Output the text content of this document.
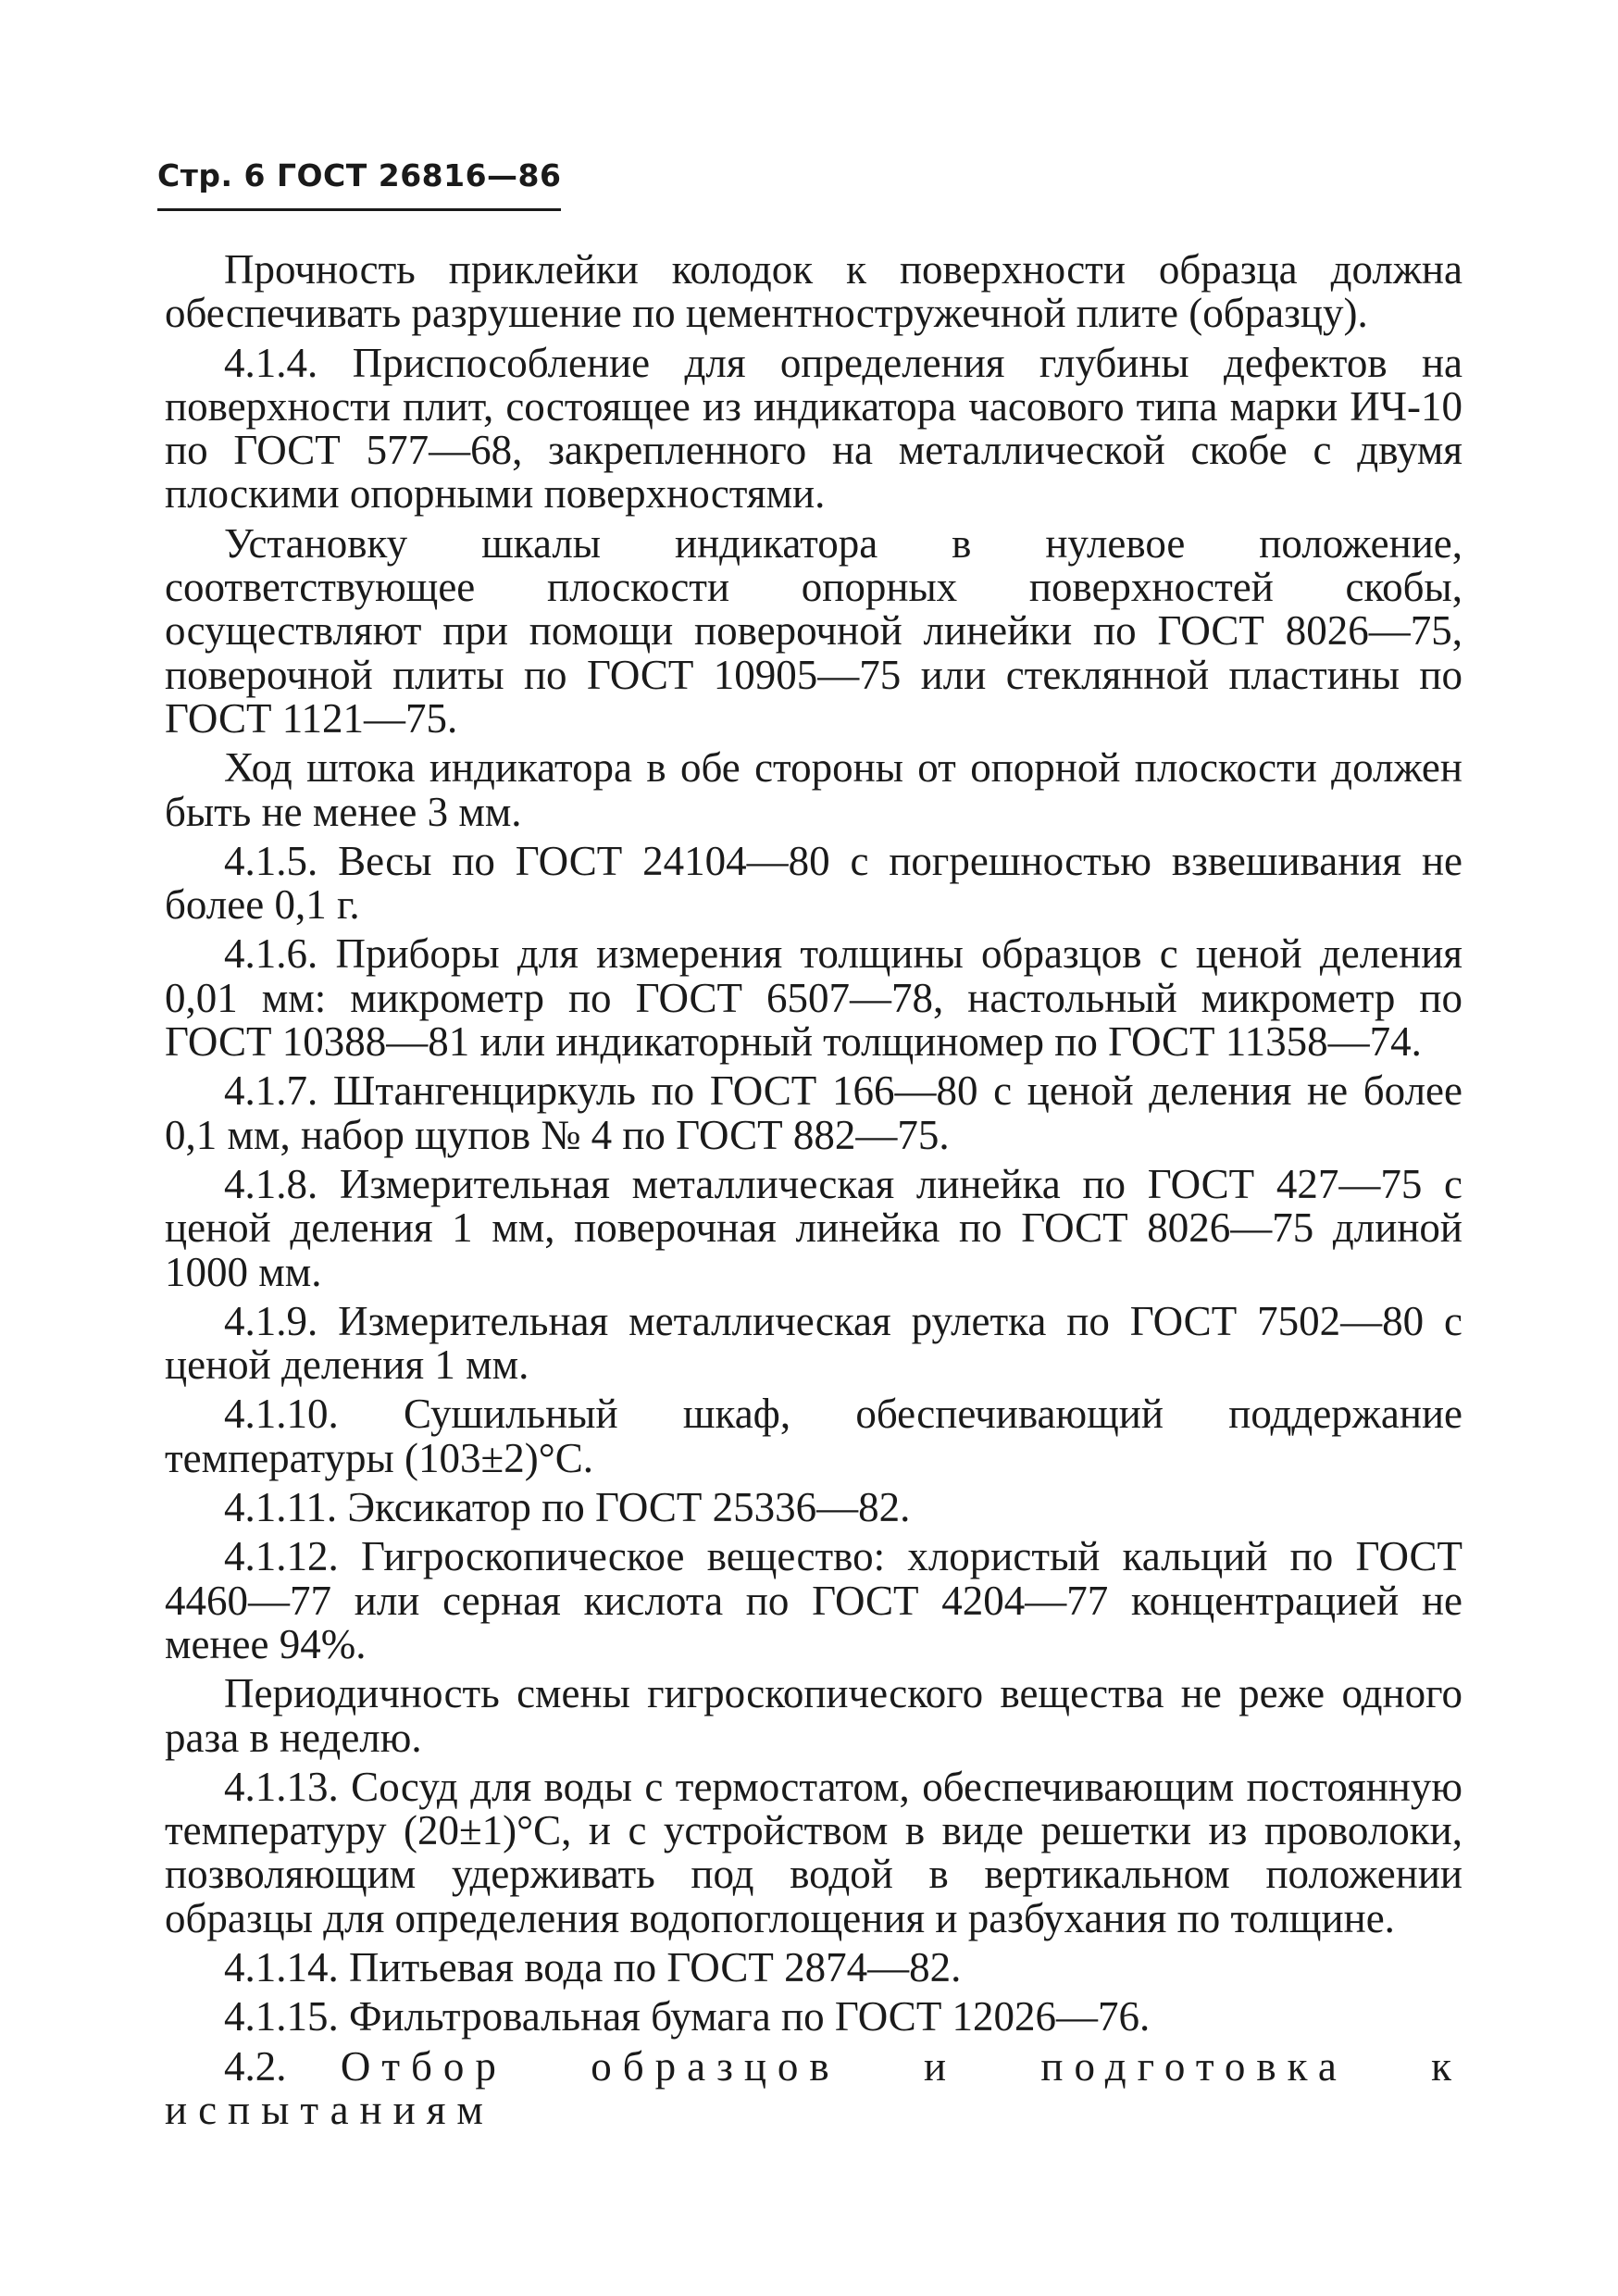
Стр. 6 ГОСТ 26816—86

Прочность приклейки колодок к поверхности образца должна обеспечивать разрушение по цементностружечной плите (образцу).

4.1.4. Приспособление для определения глубины дефектов на поверхности плит, состоящее из индикатора часового типа марки ИЧ-10 по ГОСТ 577—68, закрепленного на металлической скобе с двумя плоскими опорными поверхностями.

Установку шкалы индикатора в нулевое положение, соответствующее плоскости опорных поверхностей скобы, осуществляют при помощи поверочной линейки по ГОСТ 8026—75, поверочной плиты по ГОСТ 10905—75 или стеклянной пластины по ГОСТ 1121—75.

Ход штока индикатора в обе стороны от опорной плоскости должен быть не менее 3 мм.

4.1.5. Весы по ГОСТ 24104—80 с погрешностью взвешивания не более 0,1 г.

4.1.6. Приборы для измерения толщины образцов с ценой деления 0,01 мм: микрометр по ГОСТ 6507—78, настольный микрометр по ГОСТ 10388—81 или индикаторный толщиномер по ГОСТ 11358—74.

4.1.7. Штангенциркуль по ГОСТ 166—80 с ценой деления не более 0,1 мм, набор щупов № 4 по ГОСТ 882—75.

4.1.8. Измерительная металлическая линейка по ГОСТ 427—75 с ценой деления 1 мм, поверочная линейка по ГОСТ 8026—75 длиной 1000 мм.

4.1.9. Измерительная металлическая рулетка по ГОСТ 7502—80 с ценой деления 1 мм.

4.1.10. Сушильный шкаф, обеспечивающий поддержание температуры (103±2)°С.

4.1.11. Эксикатор по ГОСТ 25336—82.

4.1.12. Гигроскопическое вещество: хлористый кальций по ГОСТ 4460—77 или серная кислота по ГОСТ 4204—77 концентрацией не менее 94%.

Периодичность смены гигроскопического вещества не реже одного раза в неделю.

4.1.13. Сосуд для воды с термостатом, обеспечивающим постоянную температуру (20±1)°С, и с устройством в виде решетки из проволоки, позволяющим удерживать под водой в вертикальном положении образцы для определения водопоглощения и разбухания по толщине.

4.1.14. Питьевая вода по ГОСТ 2874—82.

4.1.15. Фильтровальная бумага по ГОСТ 12026—76.

4.2. Отбор образцов и подготовка к испытаниям
